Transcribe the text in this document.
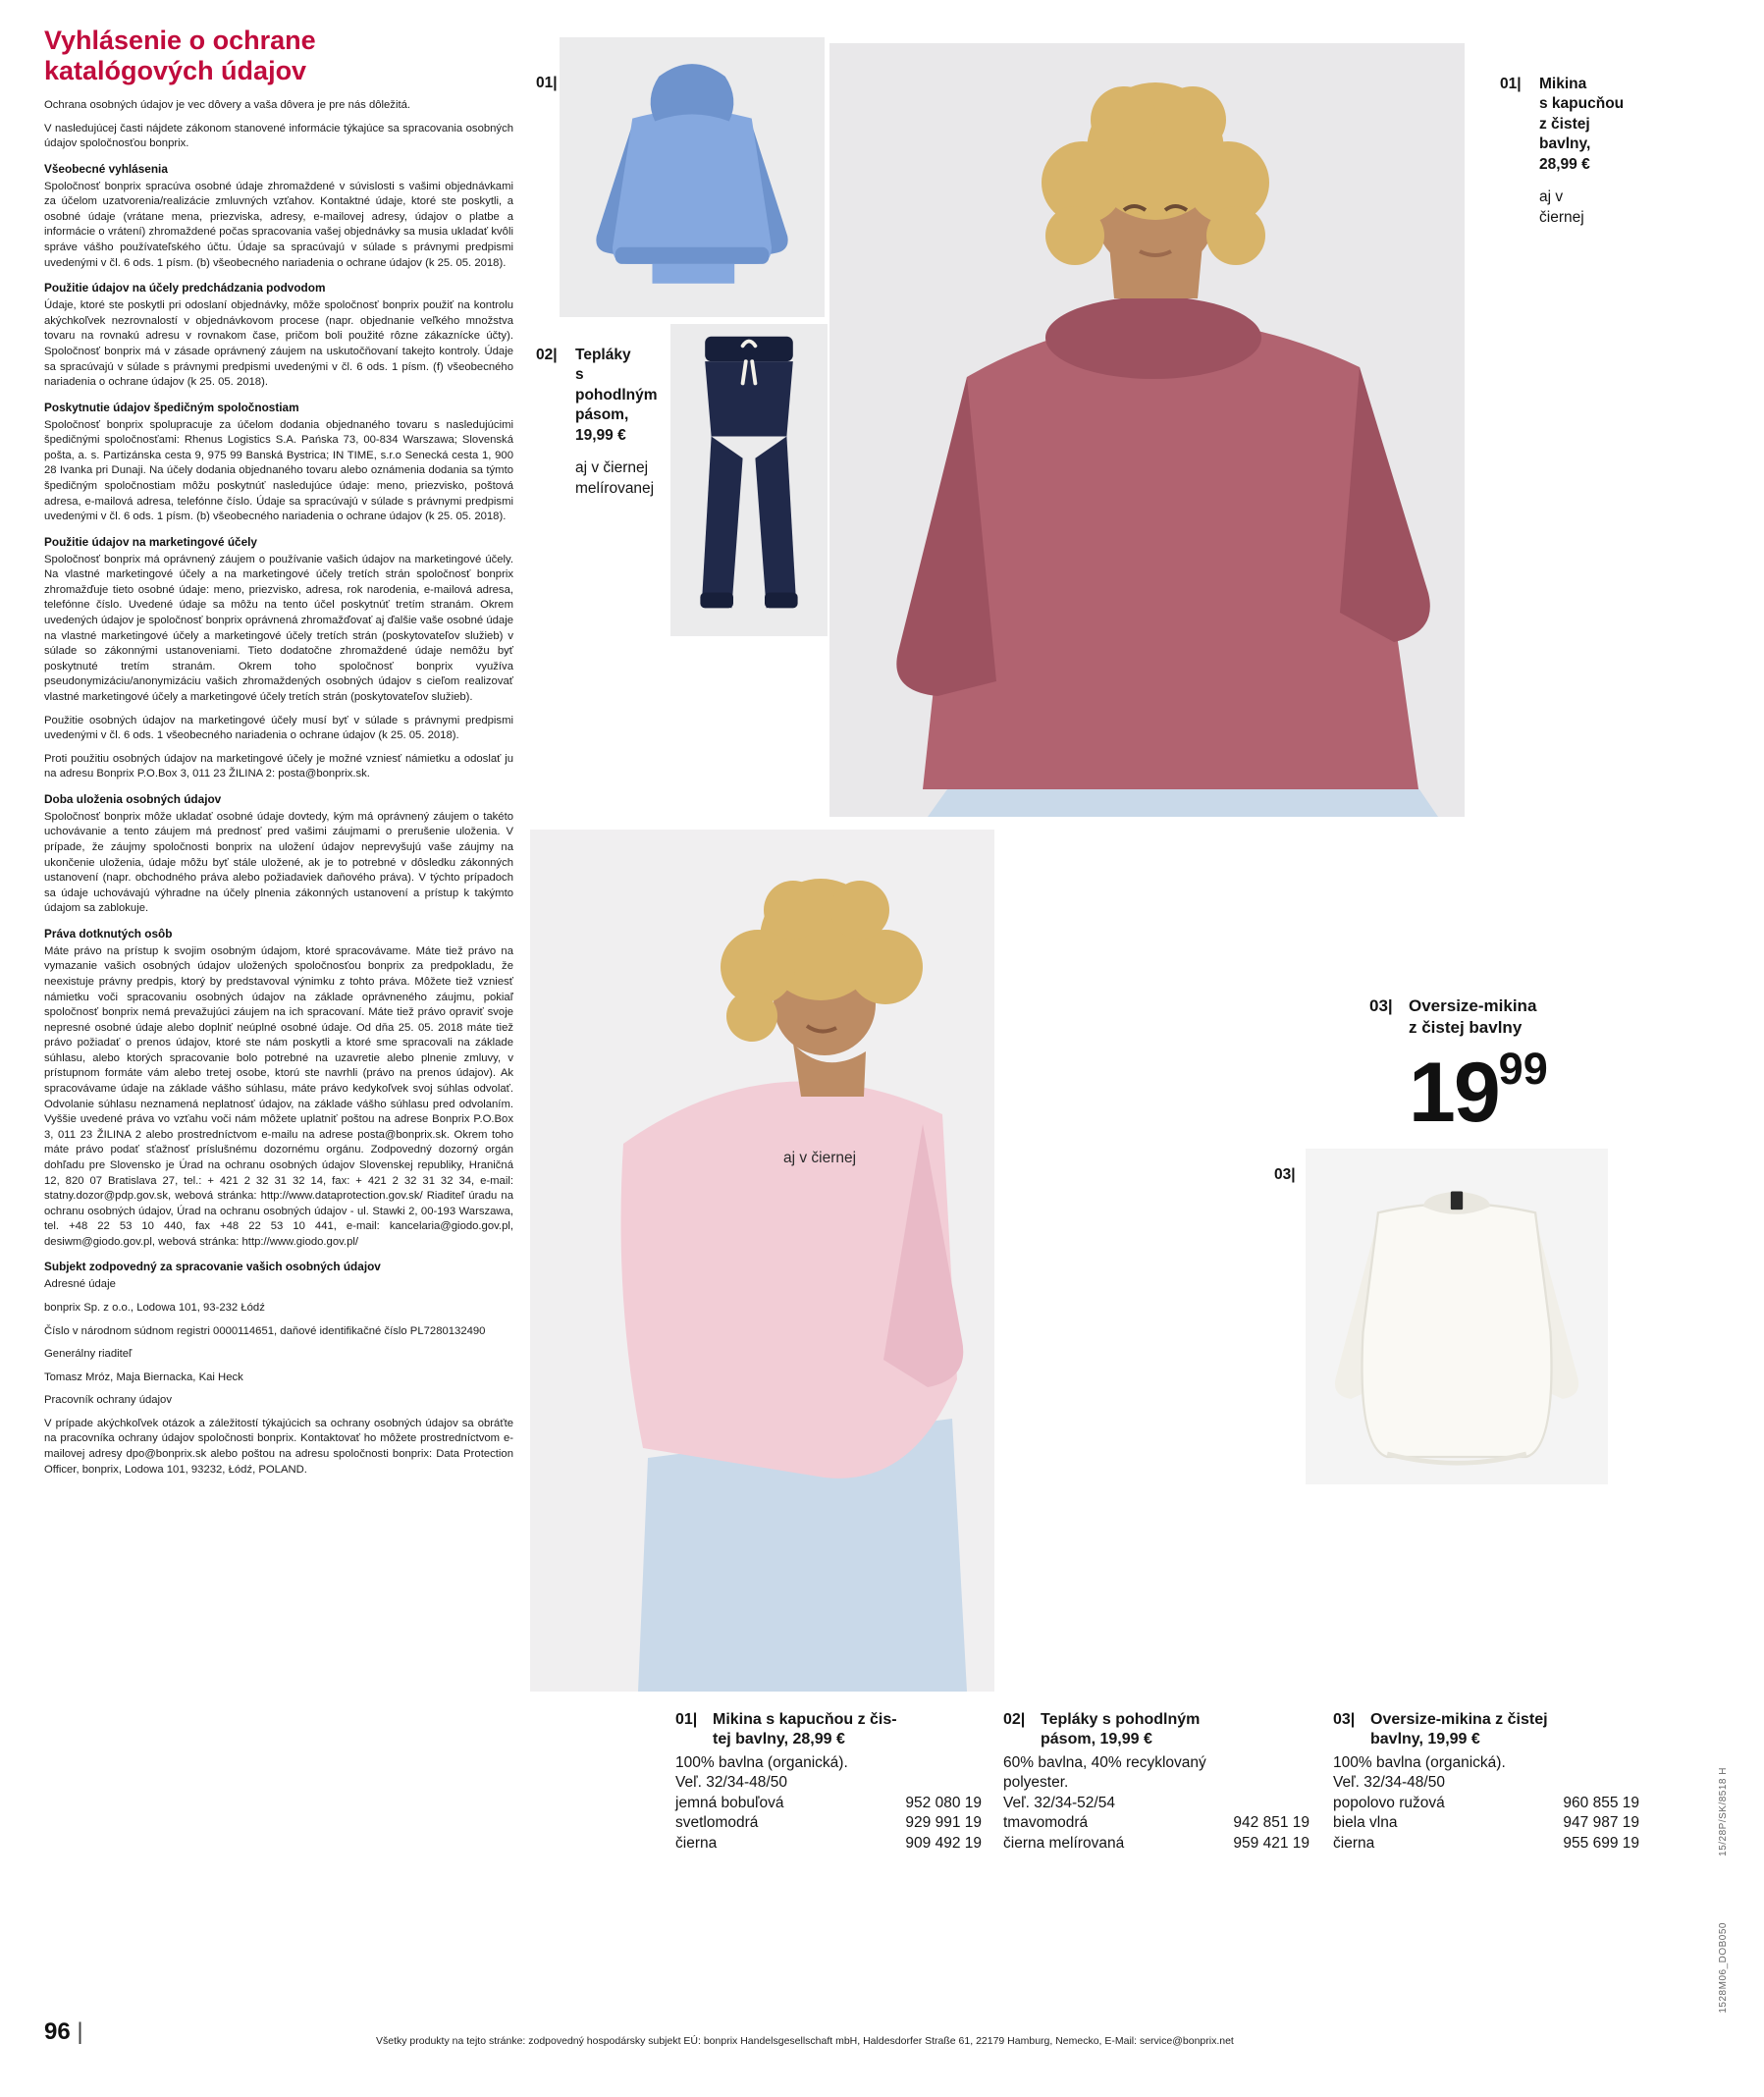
Vyhlásenie o ochrane
katalógových údajov

Ochrana osobných údajov je vec dôvery a vaša dôvera je pre nás dôležitá.

V nasledujúcej časti nájdete zákonom stanovené informácie týkajúce sa spracovania osobných údajov spoločnosťou bonprix.

Všeobecné vyhlásenia

Spoločnosť bonprix spracúva osobné údaje zhromaždené v súvislosti s vašimi objednávkami za účelom uzatvorenia/realizácie zmluvných vzťahov. Kontaktné údaje, ktoré ste poskytli, a osobné údaje (vrátane mena, priezviska, adresy, e-mailovej adresy, údajov o platbe a informácie o vrátení) zhromaždené počas spracovania vašej objednávky sa musia ukladať kvôli správe vášho používateľského účtu. Údaje sa spracúvajú v súlade s právnymi predpismi uvedenými v čl. 6 ods. 1 písm. (b) všeobecného nariadenia o ochrane údajov (k 25. 05. 2018).

Použitie údajov na účely predchádzania podvodom

Údaje, ktoré ste poskytli pri odoslaní objednávky, môže spoločnosť bonprix použiť na kontrolu akýchkoľvek nezrovnalostí v objednávkovom procese (napr. objednanie veľkého množstva tovaru na rovnakú adresu v rovnakom čase, pričom boli použité rôzne zákaznícke účty). Spoločnosť bonprix má v zásade oprávnený záujem na uskutočňovaní takejto kontroly. Údaje sa spracúvajú v súlade s právnymi predpismi uvedenými v čl. 6 ods. 1 písm. (f) všeobecného nariadenia o ochrane údajov (k 25. 05. 2018).

Poskytnutie údajov špedičným spoločnostiam

Spoločnosť bonprix spolupracuje za účelom dodania objednaného tovaru s nasledujúcimi špedičnými spoločnosťami: Rhenus Logistics S.A. Pańska 73, 00-834 Warszawa; Slovenská pošta, a. s. Partizánska cesta 9, 975 99 Banská Bystrica; IN TIME, s.r.o Senecká cesta 1, 900 28 Ivanka pri Dunaji. Na účely dodania objednaného tovaru alebo oznámenia dodania sa týmto špedičným spoločnostiam môžu poskytnúť nasledujúce údaje: meno, priezvisko, poštová adresa, e-mailová adresa, telefónne číslo. Údaje sa spracúvajú v súlade s právnymi predpismi uvedenými v čl. 6 ods. 1 písm. (b) všeobecného nariadenia o ochrane údajov (k 25. 05. 2018).

Použitie údajov na marketingové účely

Spoločnosť bonprix má oprávnený záujem o používanie vašich údajov na marketingové účely. Na vlastné marketingové účely a na marketingové účely tretích strán spoločnosť bonprix zhromažďuje tieto osobné údaje: meno, priezvisko, adresa, rok narodenia, e-mailová adresa, telefónne číslo. Uvedené údaje sa môžu na tento účel poskytnúť tretím stranám. Okrem uvedených údajov je spoločnosť bonprix oprávnená zhromažďovať aj ďalšie vaše osobné údaje na vlastné marketingové účely a marketingové účely tretích strán (poskytovateľov služieb) v súlade so zákonnými ustanoveniami. Tieto dodatočne zhromaždené údaje nemôžu byť poskytnuté tretím stranám. Okrem toho spoločnosť bonprix využíva pseudonymizáciu/anonymizáciu vašich zhromaždených osobných údajov s cieľom realizovať vlastné marketingové účely a marketingové účely tretích strán (poskytovateľov služieb).

Použitie osobných údajov na marketingové účely musí byť v súlade s právnymi predpismi uvedenými v čl. 6 ods. 1 všeobecného nariadenia o ochrane údajov (k 25. 05. 2018).

Proti použitiu osobných údajov na marketingové účely je možné vzniesť námietku a odoslať ju na adresu Bonprix P.O.Box 3, 011 23 ŽILINA 2: posta@bonprix.sk.

Doba uloženia osobných údajov

Spoločnosť bonprix môže ukladať osobné údaje dovtedy, kým má oprávnený záujem o takéto uchovávanie a tento záujem má prednosť pred vašimi záujmami o prerušenie uloženia. V prípade, že záujmy spoločnosti bonprix na uložení údajov neprevyšujú vaše záujmy na ukončenie uloženia, údaje môžu byť stále uložené, ak je to potrebné v dôsledku zákonných ustanovení (napr. obchodného práva alebo požiadaviek daňového práva). V týchto prípadoch sa údaje uchovávajú výhradne na účely plnenia zákonných ustanovení a prístup k takýmto údajom sa zablokuje.

Práva dotknutých osôb

Máte právo na prístup k svojim osobným údajom, ktoré spracovávame. Máte tiež právo na vymazanie vašich osobných údajov uložených spoločnosťou bonprix za predpokladu, že neexistuje právny predpis, ktorý by predstavoval výnimku z tohto práva. Môžete tiež vzniesť námietku voči spracovaniu osobných údajov na základe oprávneného záujmu, pokiaľ spoločnosť bonprix nemá prevažujúci záujem na ich spracovaní. Máte tiež právo opraviť svoje nepresné osobné údaje alebo doplniť neúplné osobné údaje. Od dňa 25. 05. 2018 máte tiež právo požiadať o prenos údajov, ktoré ste nám poskytli a ktoré sme spracovali na základe súhlasu, alebo ktorých spracovanie bolo potrebné na uzavretie alebo plnenie zmluvy, v prístupnom formáte vám alebo tretej osobe, ktorú ste navrhli (právo na prenos údajov). Ak spracovávame údaje na základe vášho súhlasu, máte právo kedykoľvek svoj súhlas odvolať. Odvolanie súhlasu neznamená neplatnosť údajov, na základe vášho súhlasu pred odvolaním. Vyššie uvedené práva vo vzťahu voči nám môžete uplatniť poštou na adrese Bonprix P.O.Box 3, 011 23 ŽILINA 2 alebo prostredníctvom e-mailu na adrese posta@bonprix.sk. Okrem toho máte právo podať sťažnosť príslušnému dozornému orgánu. Zodpovedný dozorný orgán dohľadu pre Slovensko je Úrad na ochranu osobných údajov Slovenskej republiky, Hraničná 12, 820 07 Bratislava 27, tel.: + 421 2 32 31 32 14, fax: + 421 2 32 31 32 34, e-mail: statny.dozor@pdp.gov.sk, webová stránka: http://www.dataprotection.gov.sk/ Riaditeľ úradu na ochranu osobných údajov, Úrad na ochranu osobných údajov - ul. Stawki 2, 00-193 Warszawa, tel. +48 22 53 10 440, fax +48 22 53 10 441, e-mail: kancelaria@giodo.gov.pl, desiwm@giodo.gov.pl, webová stránka: http://www.giodo.gov.pl/

Subjekt zodpovedný za spracovanie vašich osobných údajov

Adresné údaje

bonprix Sp. z o.o., Lodowa 101, 93-232 Łódź

Číslo v národnom súdnom registri 0000114651, daňové identifikačné číslo PL7280132490

Generálny riaditeľ

Tomasz Mróz, Maja Biernacka, Kai Heck

Pracovník ochrany údajov

V prípade akýchkoľvek otázok a záležitostí týkajúcich sa ochrany osobných údajov sa obráťte na pracovníka ochrany údajov spoločnosti bonprix. Kontaktovať ho môžete prostredníctvom e-mailovej adresy dpo@bonprix.sk alebo poštou na adresu spoločnosti bonprix: Data Protection Officer, bonprix, Lodowa 101, 93232, Łódź, POLAND.

01|
02| Tepláky
s pohodlným
pásom,
19,99 €
aj v čiernej
melírovanej
01| Mikina
s kapucňou
z čistej
bavlny,
28,99 €
aj v
čiernej
aj v čiernej
03| Oversize-mikina
z čistej bavlny
$19^{99}$
03|
01| Mikina s kapucňou z čis-
tej bavlny, 28,99 €
100% bavlna (organická).
Veľ. 32/34-48/50
jemná bobuľová	952 080 19
svetlomodrá	929 991 19
čierna	909 492 19
02| Tepláky s pohodlným
pásom, 19,99 €
60% bavlna, 40% recyklovaný
polyester.
Veľ. 32/34-52/54
tmavomodrá	942 851 19
čierna melírovaná	959 421 19
03| Oversize-mikina z čistej
bavlny, 19,99 €
100% bavlna (organická).
Veľ. 32/34-48/50
popolovo ružová	960 855 19
biela vlna	947 987 19
čierna	955 699 19
96 |	Všetky produkty na tejto stránke: zodpovedný hospodársky subjekt EÚ: bonprix Handelsgesellschaft mbH, Haldesdorfer Straße 61, 22179 Hamburg, Nemecko, E-Mail: service@bonprix.net
15/28P/SK/8518 H
1528M06_DOB050
